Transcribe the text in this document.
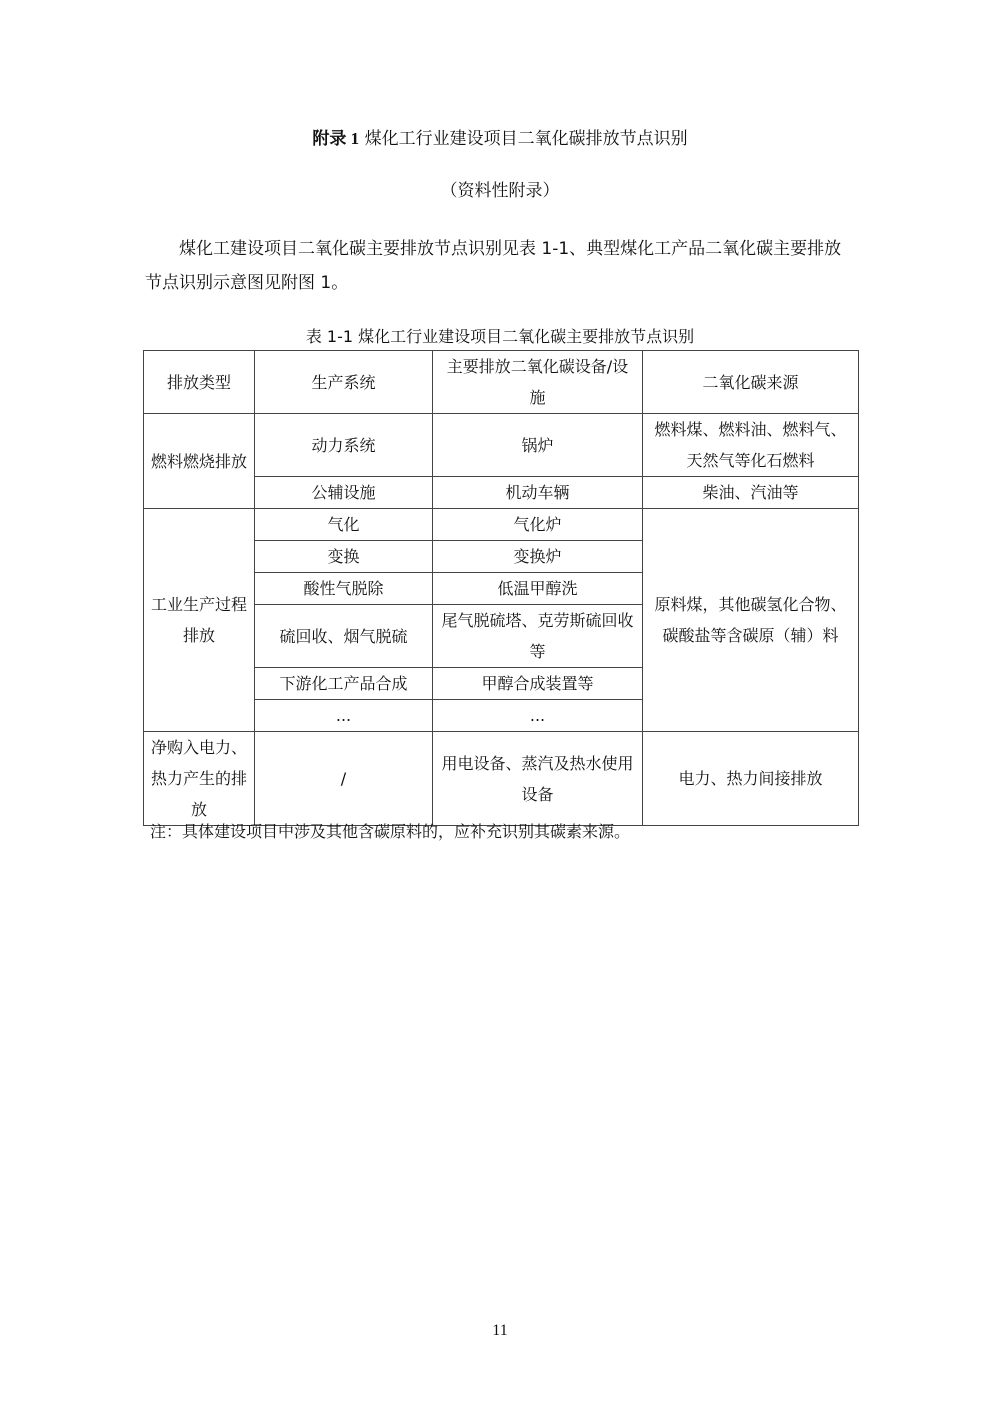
附录 1 煤化工行业建设项目二氧化碳排放节点识别
（资料性附录）

煤化工建设项目二氧化碳主要排放节点识别见表 1-1、典型煤化工产品二氧化碳主要排放节点识别示意图见附图 1。

表 1-1 煤化工行业建设项目二氧化碳主要排放节点识别
排放类型	生产系统	主要排放二氧化碳设备/设施	二氧化碳来源
燃料燃烧排放	动力系统	锅炉	燃料煤、燃料油、燃料气、天然气等化石燃料
	公辅设施	机动车辆	柴油、汽油等
工业生产过程排放	气化	气化炉	原料煤，其他碳氢化合物、碳酸盐等含碳原（辅）料
	变换	变换炉	
	酸性气脱除	低温甲醇洗	
	硫回收、烟气脱硫	尾气脱硫塔、克劳斯硫回收等	
	下游化工产品合成	甲醇合成装置等	
	...	...	
净购入电力、热力产生的排放	/	用电设备、蒸汽及热水使用设备	电力、热力间接排放
注：具体建设项目中涉及其他含碳原料的，应补充识别其碳素来源。
11
